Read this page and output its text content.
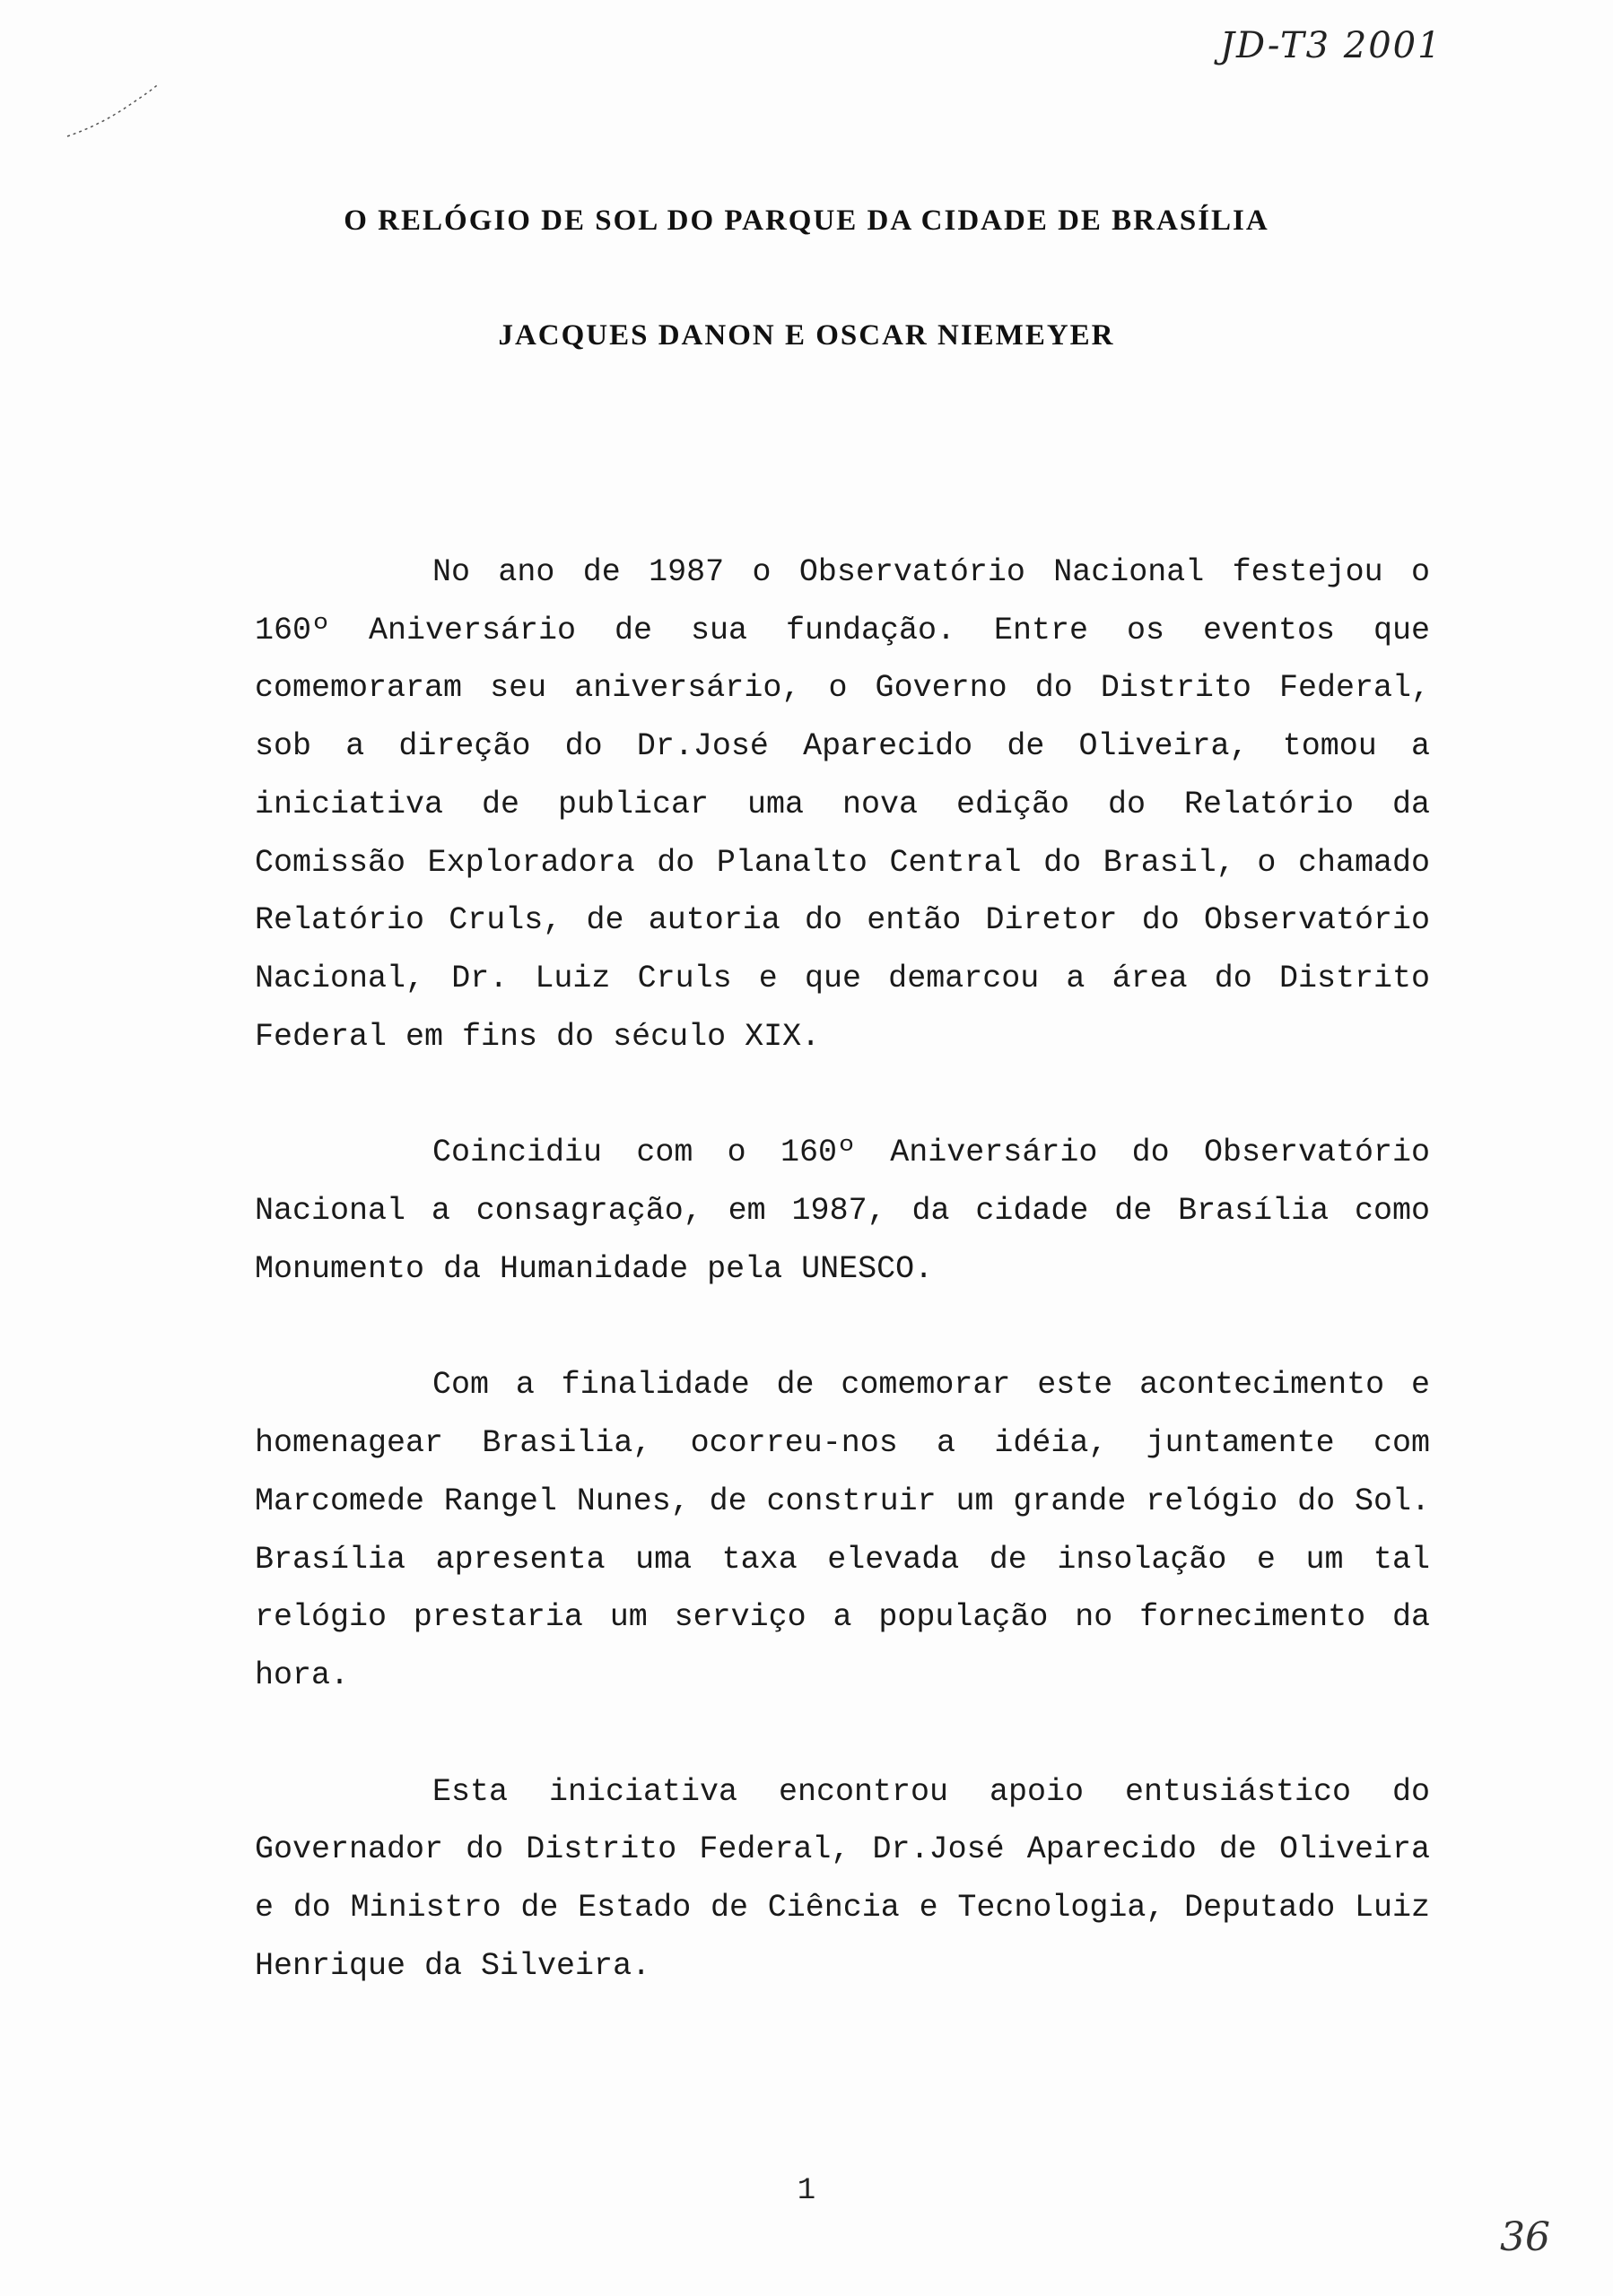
JD-T3 2001
O RELÓGIO DE SOL DO PARQUE DA CIDADE DE BRASÍLIA
JACQUES DANON E OSCAR NIEMEYER

No ano de 1987 o Observatório Nacional festejou o 160º Aniversário de sua fundação. Entre os eventos que comemoraram seu aniversário, o Governo do Distrito Federal, sob a direção do Dr.José Aparecido de Oliveira, tomou a iniciativa de publicar uma nova edição do Relatório da Comissão Exploradora do Planalto Central do Brasil, o chamado Relatório Cruls, de autoria do então Diretor do Observatório Nacional, Dr. Luiz Cruls e que demarcou a área do Distrito Federal em fins do século XIX.

Coincidiu com o 160º Aniversário do Observatório Nacional a consagração, em 1987, da cidade de Brasília como Monumento da Humanidade pela UNESCO.

Com a finalidade de comemorar este acontecimento e homenagear Brasilia, ocorreu-nos a idéia, juntamente com Marcomede Rangel Nunes, de construir um grande relógio do Sol. Brasília apresenta uma taxa elevada de insolação e um tal relógio prestaria um serviço a população no fornecimento da hora.

Esta iniciativa encontrou apoio entusiástico do Governador do Distrito Federal, Dr.José Aparecido de Oliveira e do Ministro de Estado de Ciência e Tecnologia, Deputado Luiz Henrique da Silveira.

1
36
